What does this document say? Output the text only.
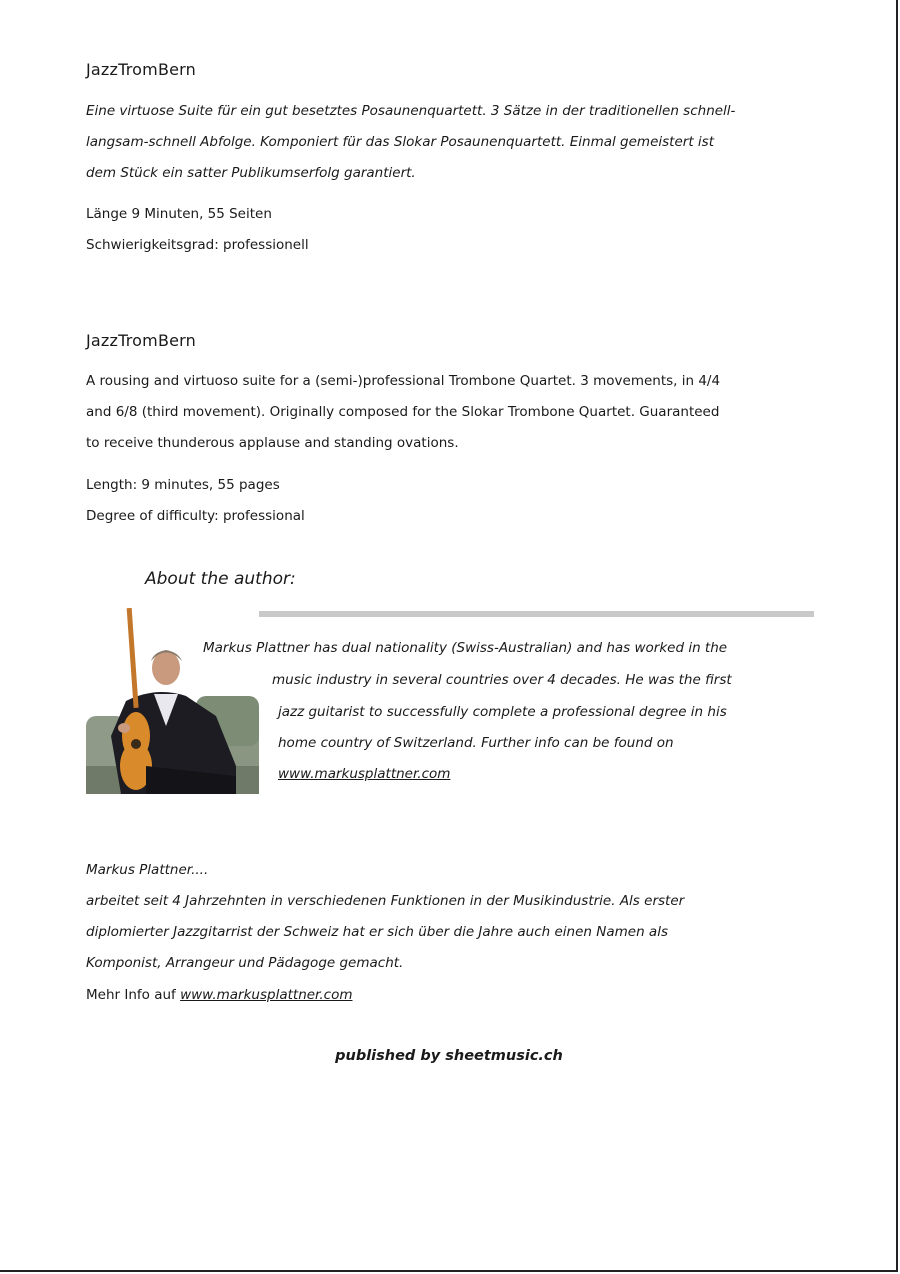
JazzTromBern
Eine virtuose Suite für ein gut besetztes Posaunenquartett. 3 Sätze in der traditionellen schnell-
langsam-schnell Abfolge. Komponiert für das Slokar Posaunenquartett. Einmal gemeistert ist
dem Stück ein satter Publikumserfolg garantiert.
Länge 9 Minuten, 55 Seiten
Schwierigkeitsgrad: professionell
JazzTromBern
A rousing and virtuoso suite for a (semi-)professional Trombone Quartet. 3 movements, in 4/4
and 6/8 (third movement). Originally composed for the Slokar Trombone Quartet. Guaranteed
to receive thunderous applause and standing ovations.
Length: 9 minutes, 55 pages
Degree of difficulty: professional
About the author:
Markus Plattner has dual nationality (Swiss-Australian) and has worked in the
music industry in several countries over 4 decades. He was the first
jazz guitarist to successfully complete a professional degree in his
home country of Switzerland. Further info can be found on
www.markusplattner.com
Markus Plattner....
arbeitet seit 4 Jahrzehnten in verschiedenen Funktionen in der Musikindustrie. Als erster
diplomierter Jazzgitarrist der Schweiz hat er sich über die Jahre auch einen Namen als
Komponist, Arrangeur und Pädagoge gemacht.
Mehr Info auf www.markusplattner.com
published by sheetmusic.ch
